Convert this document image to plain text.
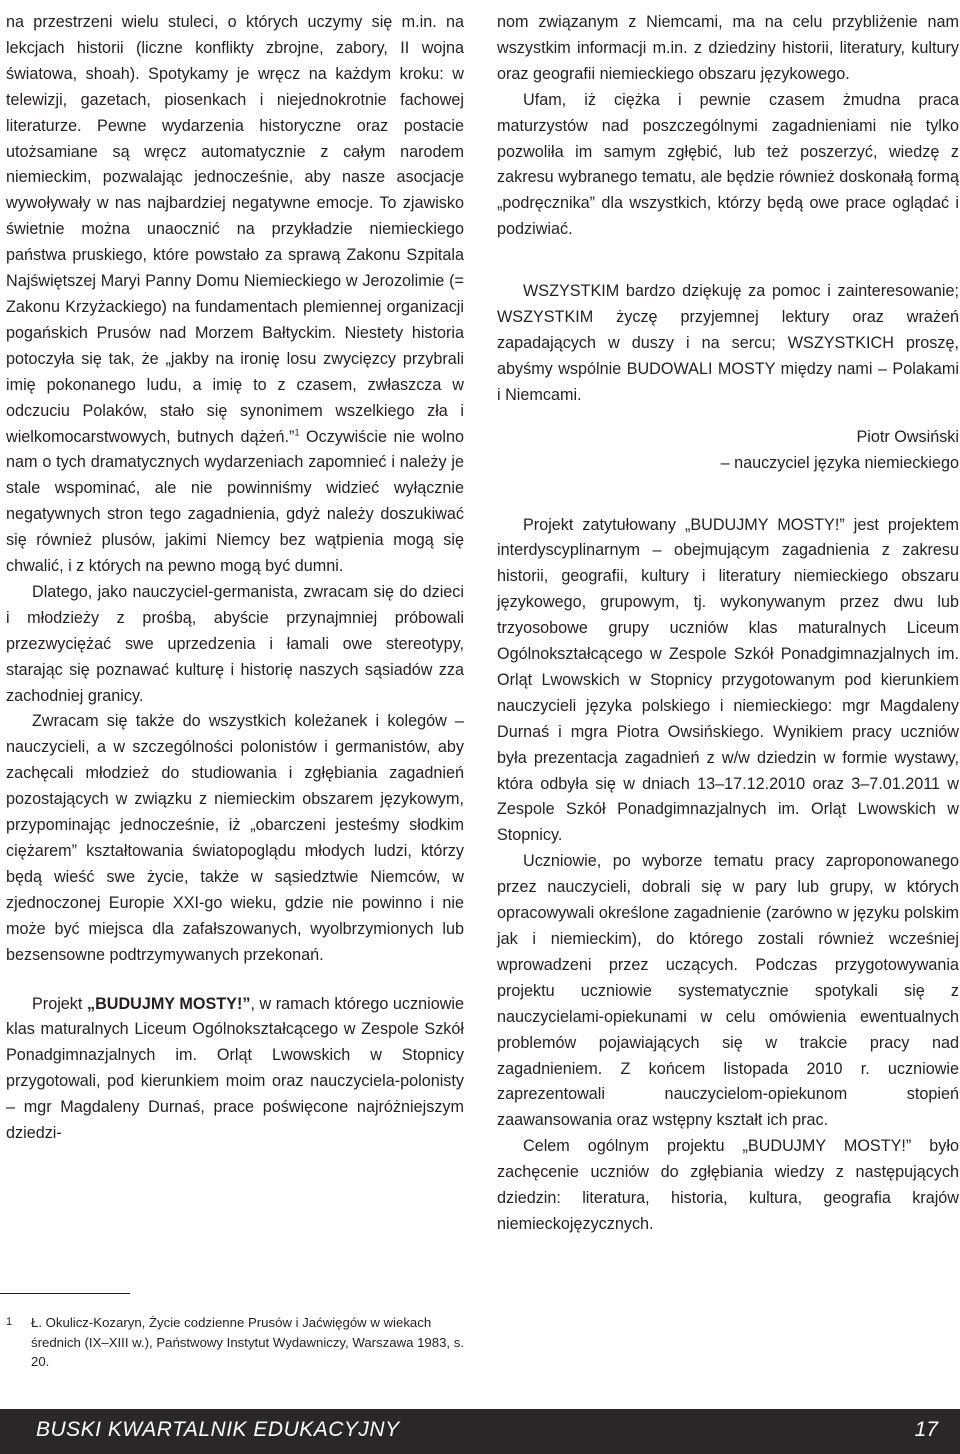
na przestrzeni wielu stuleci, o których uczymy się m.in. na lekcjach historii (liczne konflikty zbrojne, zabory, II wojna światowa, shoah). Spotykamy je wręcz na każdym kroku: w telewizji, gazetach, piosenkach i niejednokrotnie fachowej literaturze. Pewne wydarzenia historyczne oraz postacie utożsamiane są wręcz automatycznie z całym narodem niemieckim, pozwalając jednocześnie, aby nasze asocjacje wywoływały w nas najbardziej negatywne emocje. To zjawisko świetnie można unaocznić na przykładzie niemieckiego państwa pruskiego, które powstało za sprawą Zakonu Szpitala Najświętszej Maryi Panny Domu Niemieckiego w Jerozolimie (= Zakonu Krzyżackiego) na fundamentach plemiennej organizacji pogańskich Prusów nad Morzem Bałtyckim. Niestety historia potoczyła się tak, że „jakby na ironię losu zwycięzcy przybrali imię pokonanego ludu, a imię to z czasem, zwłaszcza w odczuciu Polaków, stało się synonimem wszelkiego zła i wielkomocarstwowych, butnych dążeń.”$^1$ Oczywiście nie wolno nam o tych dramatycznych wydarzeniach zapomnieć i należy je stale wspominać, ale nie powinniśmy widzieć wyłącznie negatywnych stron tego zagadnienia, gdyż należy doszukiwać się również plusów, jakimi Niemcy bez wątpienia mogą się chwalić, i z których na pewno mogą być dumni.

Dlatego, jako nauczyciel-germanista, zwracam się do dzieci i młodzieży z prośbą, abyście przynajmniej próbowali przezwyciężać swe uprzedzenia i łamali owe stereotypy, starając się poznawać kulturę i historię naszych sąsiadów zza zachodniej granicy.

Zwracam się także do wszystkich koleżanek i kolegów – nauczycieli, a w szczególności polonistów i germanistów, aby zachęcali młodzież do studiowania i zgłębiania zagadnień pozostających w związku z niemieckim obszarem językowym, przypominając jednocześnie, iż „obarczeni jesteśmy słodkim ciężarem” kształtowania światopoglądu młodych ludzi, którzy będą wieść swe życie, także w sąsiedztwie Niemców, w zjednoczonej Europie XXI-go wieku, gdzie nie powinno i nie może być miejsca dla zafałszowanych, wyolbrzymionych lub bezsensowne podtrzymywanych przekonań.

Projekt „BUDUJMY MOSTY!”, w ramach którego uczniowie klas maturalnych Liceum Ogólnokształcącego w Zespole Szkół Ponadgimnazjalnych im. Orląt Lwowskich w Stopnicy przygotowali, pod kierunkiem moim oraz nauczyciela-polonisty – mgr Magdaleny Durnaś, prace poświęcone najróżniejszym dziedzi-

1 Ł. Okulicz-Kozaryn, Życie codzienne Prusów i Jaćwięgów w wiekach średnich (IX–XIII w.), Państwowy Instytut Wydawniczy, Warszawa 1983, s. 20.

nom związanym z Niemcami, ma na celu przybliżenie nam wszystkim informacji m.in. z dziedziny historii, literatury, kultury oraz geografii niemieckiego obszaru językowego.

Ufam, iż ciężka i pewnie czasem żmudna praca maturzystów nad poszczególnymi zagadnieniami nie tylko pozwoliła im samym zgłębić, lub też poszerzyć, wiedzę z zakresu wybranego tematu, ale będzie również doskonałą formą „podręcznika” dla wszystkich, którzy będą owe prace oglądać i podziwiać.

WSZYSTKIM bardzo dziękuję za pomoc i zainteresowanie; WSZYSTKIM życzę przyjemnej lektury oraz wrażeń zapadających w duszy i na sercu; WSZYSTKICH proszę, abyśmy wspólnie BUDOWALI MOSTY między nami – Polakami i Niemcami.

Piotr Owsiński
– nauczyciel języka niemieckiego

Projekt zatytułowany „BUDUJMY MOSTY!” jest projektem interdyscyplinarnym – obejmującym zagadnienia z zakresu historii, geografii, kultury i literatury niemieckiego obszaru językowego, grupowym, tj. wykonywanym przez dwu lub trzyosobowe grupy uczniów klas maturalnych Liceum Ogólnokształcącego w Zespole Szkół Ponadgimnazjalnych im. Orląt Lwowskich w Stopnicy przygotowanym pod kierunkiem nauczycieli języka polskiego i niemieckiego: mgr Magdaleny Durnaś i mgra Piotra Owsińskiego. Wynikiem pracy uczniów była prezentacja zagadnień z w/w dziedzin w formie wystawy, która odbyła się w dniach 13–17.12.2010 oraz 3–7.01.2011 w Zespole Szkół Ponadgimnazjalnych im. Orląt Lwowskich w Stopnicy.

Uczniowie, po wyborze tematu pracy zaproponowanego przez nauczycieli, dobrali się w pary lub grupy, w których opracowywali określone zagadnienie (zarówno w języku polskim jak i niemieckim), do którego zostali również wcześniej wprowadzeni przez uczących. Podczas przygotowywania projektu uczniowie systematycznie spotykali się z nauczycielami-opiekunami w celu omówienia ewentualnych problemów pojawiających się w trakcie pracy nad zagadnieniem. Z końcem listopada 2010 r. uczniowie zaprezentowali nauczycielom-opiekunom stopień zaawansowania oraz wstępny kształt ich prac.

Celem ogólnym projektu „BUDUJMY MOSTY!” było zachęcenie uczniów do zgłębiania wiedzy z następujących dziedzin: literatura, historia, kultura, geografia krajów niemieckojęzycznych.

BUSKI KWARTALNIK EDUKACYJNY	17
